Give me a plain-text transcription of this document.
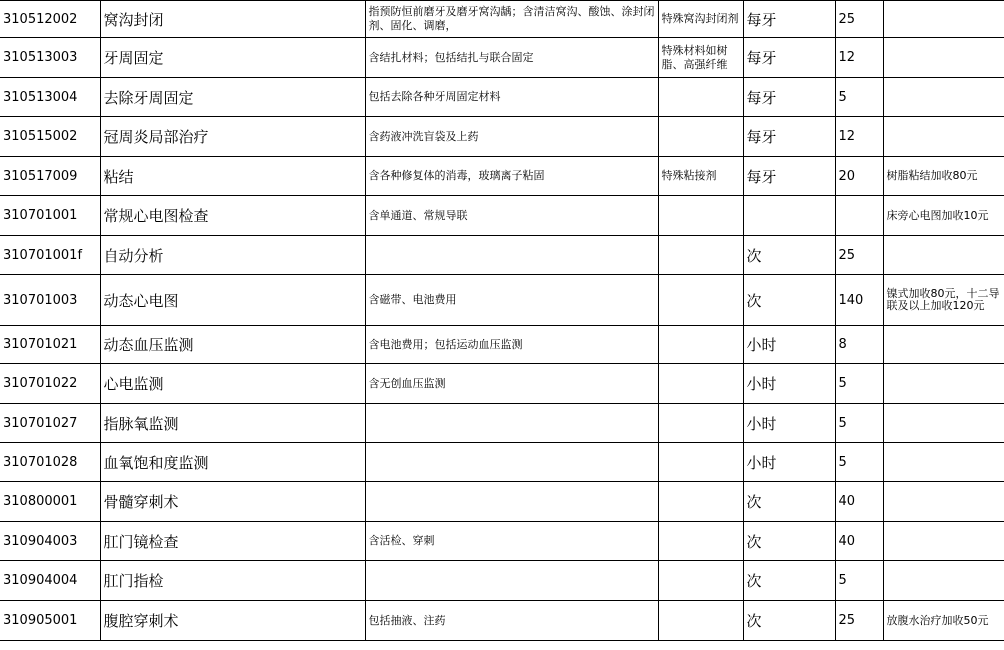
310512002	窝沟封闭	指预防恒前磨牙及磨牙窝沟龋；含清洁窝沟、酸蚀、涂封闭剂、固化、调磨，	特殊窝沟封闭剂	每牙	25	
310513003	牙周固定	含结扎材料；包括结扎与联合固定	特殊材料如树脂、高强纤维	每牙	12	
310513004	去除牙周固定	包括去除各种牙周固定材料		每牙	5	
310515002	冠周炎局部治疗	含药液冲洗盲袋及上药		每牙	12	
310517009	粘结	含各种修复体的消毒，玻璃离子粘固	特殊粘接剂	每牙	20	树脂粘结加收80元
310701001	常规心电图检查	含单通道、常规导联				床旁心电图加收10元
310701001f	自动分析			次	25	
310701003	动态心电图	含磁带、电池费用		次	140	镍式加收80元，十二导联及以上加收120元
310701021	动态血压监测	含电池费用；包括运动血压监测		小时	8	
310701022	心电监测	含无创血压监测		小时	5	
310701027	指脉氧监测			小时	5	
310701028	血氧饱和度监测			小时	5	
310800001	骨髓穿刺术			次	40	
310904003	肛门镜检查	含活检、穿刺		次	40	
310904004	肛门指检			次	5	
310905001	腹腔穿刺术	包括抽液、注药		次	25	放腹水治疗加收50元
